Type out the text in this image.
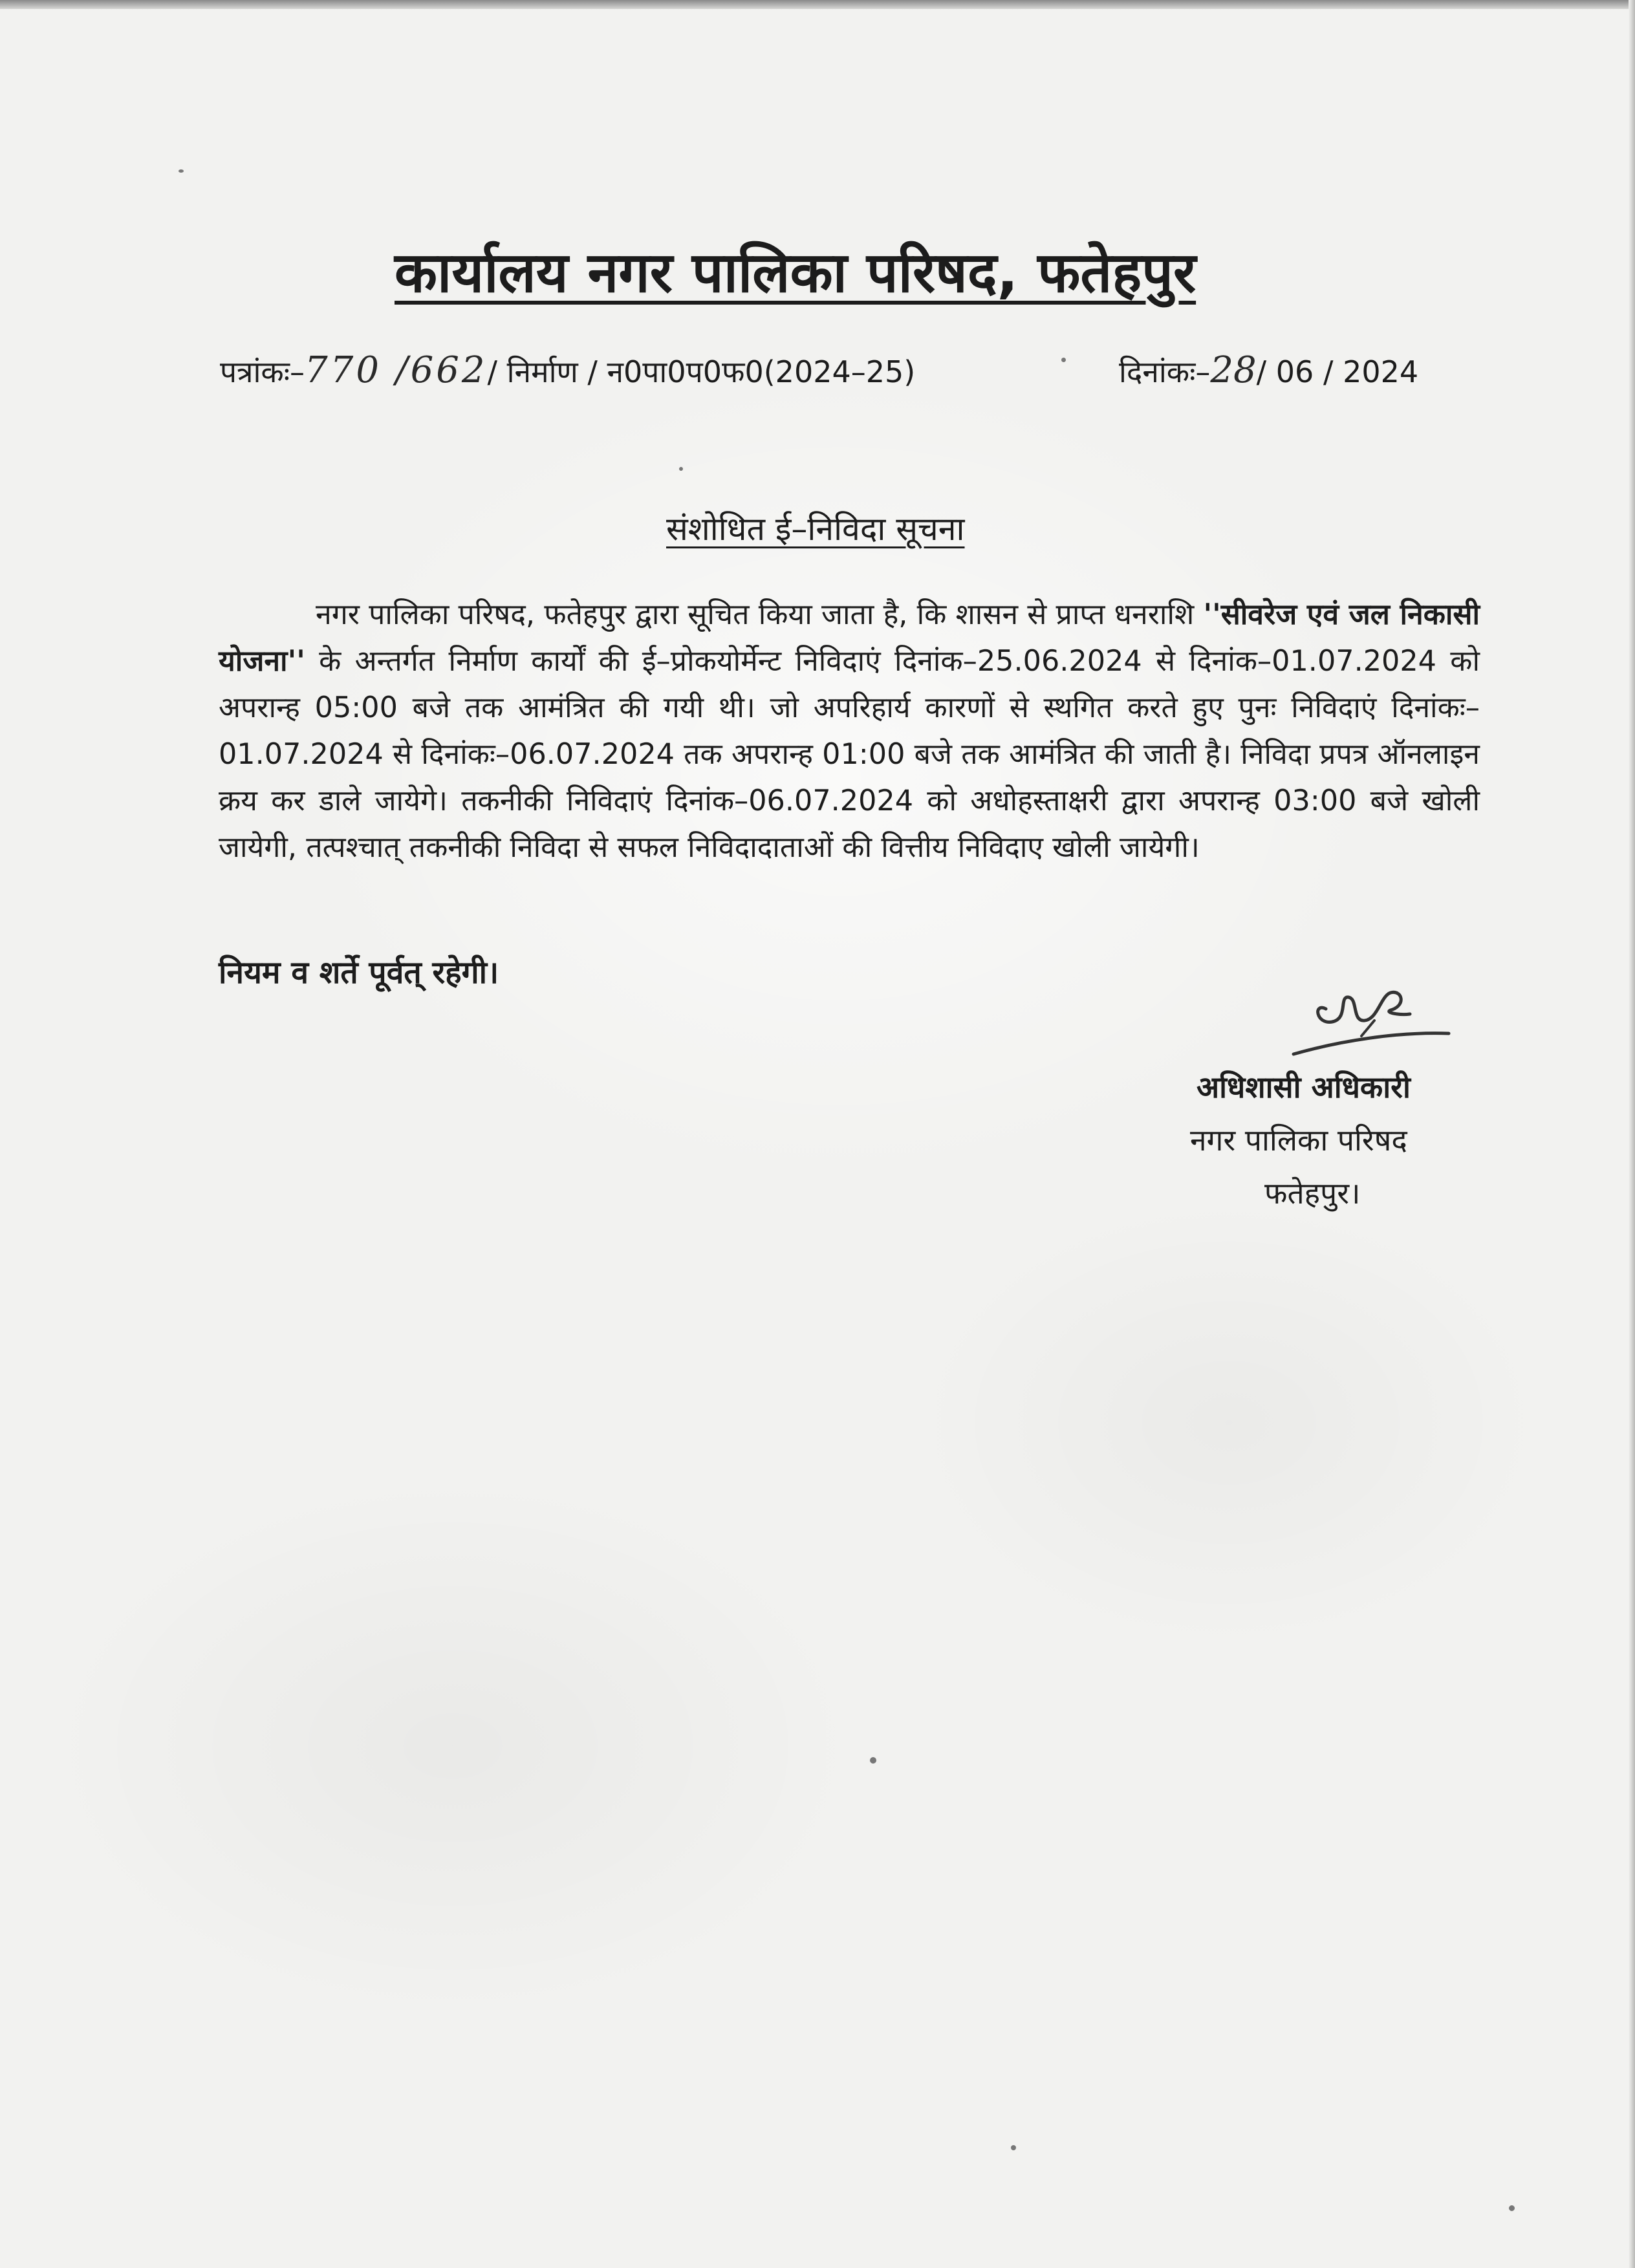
कार्यालय नगर पालिका परिषद, फतेहपुर
पत्रांकः–770 /662/ निर्माण / न0पा0प0फ0(2024–25)	दिनांकः–28/ 06 / 2024
संशोधित ई–निविदा सूचना
नगर पालिका परिषद, फतेहपुर द्वारा सूचित किया जाता है, कि शासन से प्राप्त धनराशि ''सीवरेज एवं जल निकासी योजना'' के अन्तर्गत निर्माण कार्यों की ई–प्रोकयोर्मेन्ट निविदाएं दिनांक–25.06.2024 से दिनांक–01.07.2024 को अपरान्ह 05:00 बजे तक आमंत्रित की गयी थी। जो अपरिहार्य कारणों से स्थगित करते हुए पुनः निविदाएं दिनांकः–01.07.2024 से दिनांकः–06.07.2024 तक अपरान्ह 01:00 बजे तक आमंत्रित की जाती है। निविदा प्रपत्र ऑनलाइन क्रय कर डाले जायेगे। तकनीकी निविदाएं दिनांक–06.07.2024 को अधोहस्ताक्षरी द्वारा अपरान्ह 03:00 बजे खोली जायेगी, तत्पश्चात् तकनीकी निविदा से सफल निविदादाताओं की वित्तीय निविदाए खोली जायेगी।
नियम व शर्ते पूर्वत् रहेगी।
अधिशासी अधिकारी
नगर पालिका परिषद
फतेहपुर।
